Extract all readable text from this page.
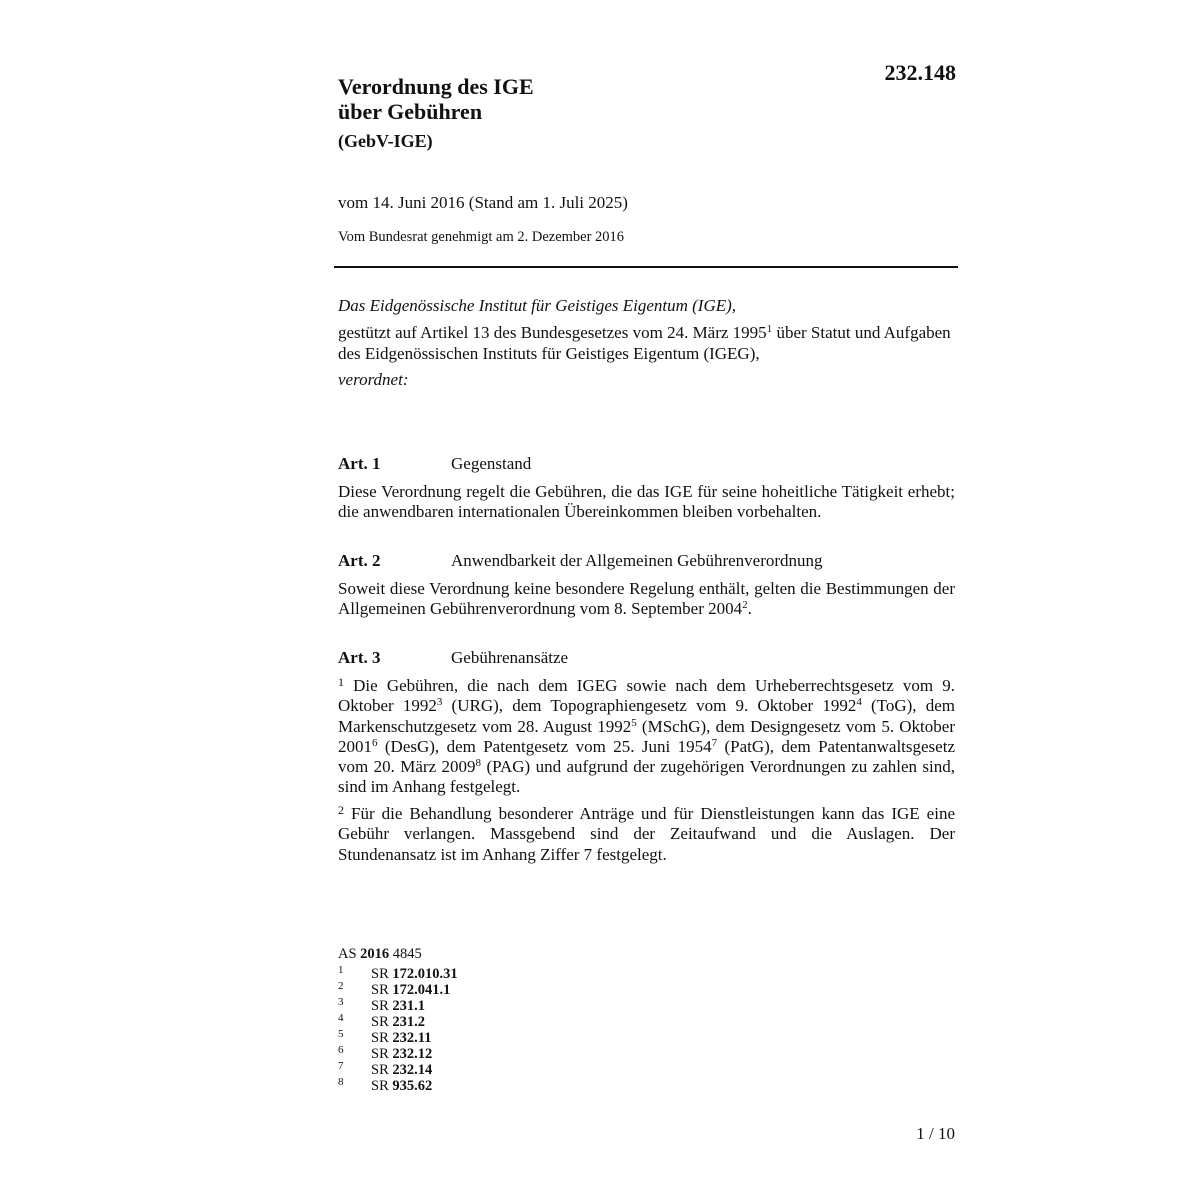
232.148
Verordnung des IGE
über Gebühren
(GebV-IGE)
vom 14. Juni 2016 (Stand am 1. Juli 2025)
Vom Bundesrat genehmigt am 2. Dezember 2016
Das Eidgenössische Institut für Geistiges Eigentum (IGE),
gestützt auf Artikel 13 des Bundesgesetzes vom 24. März 1995$^1$ über Statut und Aufgaben des Eidgenössischen Instituts für Geistiges Eigentum (IGEG),
verordnet:
Art. 1	Gegenstand
Diese Verordnung regelt die Gebühren, die das IGE für seine hoheitliche Tätigkeit erhebt; die anwendbaren internationalen Übereinkommen bleiben vorbehalten.
Art. 2	Anwendbarkeit der Allgemeinen Gebührenverordnung
Soweit diese Verordnung keine besondere Regelung enthält, gelten die Bestimmungen der Allgemeinen Gebührenverordnung vom 8. September 2004$^2$.
Art. 3	Gebührenansätze
$^1$ Die Gebühren, die nach dem IGEG sowie nach dem Urheberrechtsgesetz vom 9. Oktober 1992$^3$ (URG), dem Topographiengesetz vom 9. Oktober 1992$^4$ (ToG), dem Markenschutzgesetz vom 28. August 1992$^5$ (MSchG), dem Designgesetz vom 5. Oktober 2001$^6$ (DesG), dem Patentgesetz vom 25. Juni 1954$^7$ (PatG), dem Patentanwaltsgesetz vom 20. März 2009$^8$ (PAG) und aufgrund der zugehörigen Verordnungen zu zahlen sind, sind im Anhang festgelegt.
$^2$ Für die Behandlung besonderer Anträge und für Dienstleistungen kann das IGE eine Gebühr verlangen. Massgebend sind der Zeitaufwand und die Auslagen. Der Stundenansatz ist im Anhang Ziffer 7 festgelegt.
AS 2016 4845
1 SR 172.010.31
2 SR 172.041.1
3 SR 231.1
4 SR 231.2
5 SR 232.11
6 SR 232.12
7 SR 232.14
8 SR 935.62
1 / 10
